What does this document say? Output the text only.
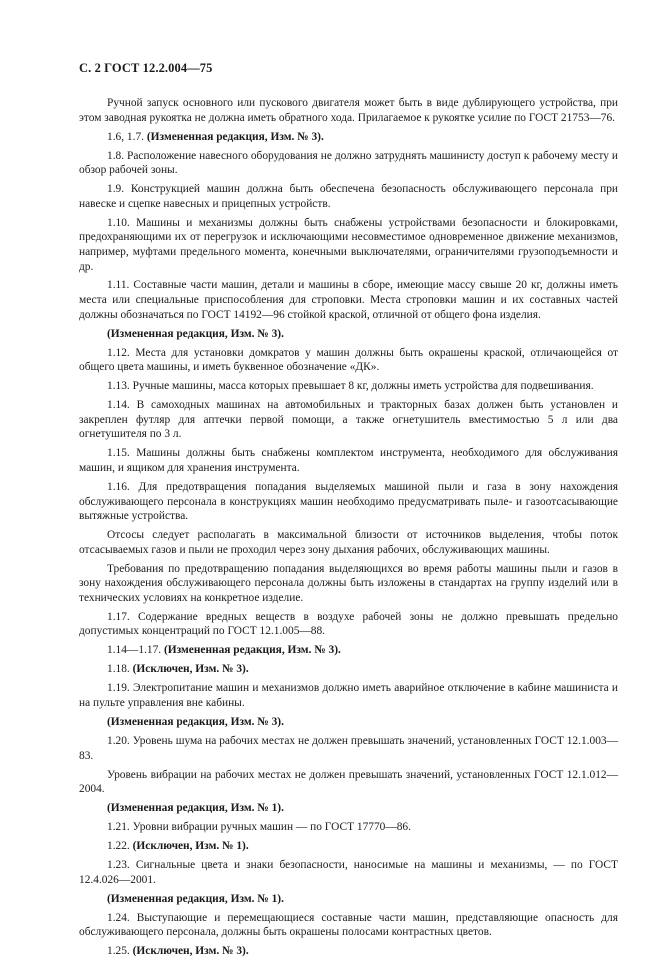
С. 2 ГОСТ 12.2.004—75
Ручной запуск основного или пускового двигателя может быть в виде дублирующего устройства, при этом заводная рукоятка не должна иметь обратного хода. Прилагаемое к рукоятке усилие по ГОСТ 21753—76.
1.6, 1.7. (Измененная редакция, Изм. № 3).
1.8. Расположение навесного оборудования не должно затруднять машинисту доступ к рабочему месту и обзор рабочей зоны.
1.9. Конструкцией машин должна быть обеспечена безопасность обслуживающего персонала при навеске и сцепке навесных и прицепных устройств.
1.10. Машины и механизмы должны быть снабжены устройствами безопасности и блокировками, предохраняющими их от перегрузок и исключающими несовместимое одновременное движение механизмов, например, муфтами предельного момента, конечными выключателями, ограничителями грузоподъемности и др.
1.11. Составные части машин, детали и машины в сборе, имеющие массу свыше 20 кг, должны иметь места или специальные приспособления для строповки. Места строповки машин и их составных частей должны обозначаться по ГОСТ 14192—96 стойкой краской, отличной от общего фона изделия.
(Измененная редакция, Изм. № 3).
1.12. Места для установки домкратов у машин должны быть окрашены краской, отличающейся от общего цвета машины, и иметь буквенное обозначение «ДК».
1.13. Ручные машины, масса которых превышает 8 кг, должны иметь устройства для подвешивания.
1.14. В самоходных машинах на автомобильных и тракторных базах должен быть установлен и закреплен футляр для аптечки первой помощи, а также огнетушитель вместимостью 5 л или два огнетушителя по 3 л.
1.15. Машины должны быть снабжены комплектом инструмента, необходимого для обслуживания машин, и ящиком для хранения инструмента.
1.16. Для предотвращения попадания выделяемых машиной пыли и газа в зону нахождения обслуживающего персонала в конструкциях машин необходимо предусматривать пыле- и газоотсасывающие вытяжные устройства.
Отсосы следует располагать в максимальной близости от источников выделения, чтобы поток отсасываемых газов и пыли не проходил через зону дыхания рабочих, обслуживающих машины.
Требования по предотвращению попадания выделяющихся во время работы машины пыли и газов в зону нахождения обслуживающего персонала должны быть изложены в стандартах на группу изделий или в технических условиях на конкретное изделие.
1.17. Содержание вредных веществ в воздухе рабочей зоны не должно превышать предельно допустимых концентраций по ГОСТ 12.1.005—88.
1.14—1.17. (Измененная редакция, Изм. № 3).
1.18. (Исключен, Изм. № 3).
1.19. Электропитание машин и механизмов должно иметь аварийное отключение в кабине машиниста и на пульте управления вне кабины.
(Измененная редакция, Изм. № 3).
1.20. Уровень шума на рабочих местах не должен превышать значений, установленных ГОСТ 12.1.003—83.
Уровень вибрации на рабочих местах не должен превышать значений, установленных ГОСТ 12.1.012—2004.
(Измененная редакция, Изм. № 1).
1.21. Уровни вибрации ручных машин — по ГОСТ 17770—86.
1.22. (Исключен, Изм. № 1).
1.23. Сигнальные цвета и знаки безопасности, наносимые на машины и механизмы, — по ГОСТ 12.4.026—2001.
(Измененная редакция, Изм. № 1).
1.24. Выступающие и перемещающиеся составные части машин, представляющие опасность для обслуживающего персонала, должны быть окрашены полосами контрастных цветов.
1.25. (Исключен, Изм. № 3).
